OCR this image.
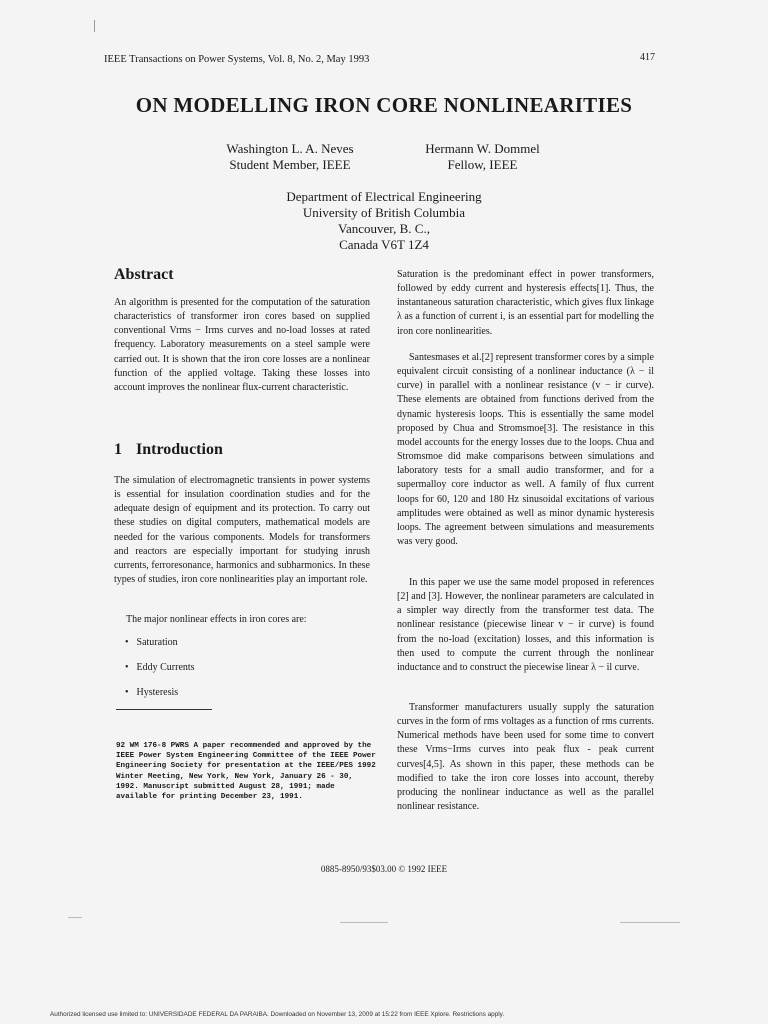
IEEE Transactions on Power Systems, Vol. 8, No. 2, May 1993	417
ON MODELLING IRON CORE NONLINEARITIES
Washington L. A. Neves
Student Member, IEEE
Hermann W. Dommel
Fellow, IEEE
Department of Electrical Engineering
University of British Columbia
Vancouver, B. C.,
Canada V6T 1Z4
Abstract
An algorithm is presented for the computation of the saturation characteristics of transformer iron cores based on supplied conventional Vrms − Irms curves and no-load losses at rated frequency. Laboratory measurements on a steel sample were carried out. It is shown that the iron core losses are a nonlinear function of the applied voltage. Taking these losses into account improves the nonlinear flux-current characteristic.
1 Introduction
The simulation of electromagnetic transients in power systems is essential for insulation coordination studies and for the adequate design of equipment and its protection. To carry out these studies on digital computers, mathematical models are needed for the various components. Models for transformers and reactors are especially important for studying inrush currents, ferroresonance, harmonics and subharmonics. In these types of studies, iron core nonlinearities play an important role.
The major nonlinear effects in iron cores are:
• Saturation
• Eddy Currents
• Hysteresis
92 WM 176-8 PWRS A paper recommended and approved by the IEEE Power System Engineering Committee of the IEEE Power Engineering Society for presentation at the IEEE/PES 1992 Winter Meeting, New York, New York, January 26 - 30, 1992. Manuscript submitted August 28, 1991; made available for printing December 23, 1991.
Saturation is the predominant effect in power transformers, followed by eddy current and hysteresis effects[1]. Thus, the instantaneous saturation characteristic, which gives flux linkage λ as a function of current i, is an essential part for modelling the iron core nonlinearities.
Santesmases et al.[2] represent transformer cores by a simple equivalent circuit consisting of a nonlinear inductance (λ − il curve) in parallel with a nonlinear resistance (v − ir curve). These elements are obtained from functions derived from the dynamic hysteresis loops. This is essentially the same model proposed by Chua and Stromsmoe[3]. The resistance in this model accounts for the energy losses due to the loops. Chua and Stromsmoe did make comparisons between simulations and laboratory tests for a small audio transformer, and for a supermalloy core inductor as well. A family of flux current loops for 60, 120 and 180 Hz sinusoidal excitations of various amplitudes were obtained as well as minor dynamic hysteresis loops. The agreement between simulations and measurements was very good.
In this paper we use the same model proposed in references [2] and [3]. However, the nonlinear parameters are calculated in a simpler way directly from the transformer test data. The nonlinear resistance (piecewise linear v − ir curve) is found from the no-load (excitation) losses, and this information is then used to compute the current through the nonlinear inductance and to construct the piecewise linear λ − il curve.
Transformer manufacturers usually supply the saturation curves in the form of rms voltages as a function of rms currents. Numerical methods have been used for some time to convert these Vrms−Irms curves into peak flux - peak current curves[4,5]. As shown in this paper, these methods can be modified to take the iron core losses into account, thereby producing the nonlinear inductance as well as the parallel nonlinear resistance.
0885-8950/93$03.00 © 1992 IEEE
Authorized licensed use limited to: UNIVERSIDADE FEDERAL DA PARAIBA. Downloaded on November 13, 2009 at 15:22 from IEEE Xplore. Restrictions apply.
